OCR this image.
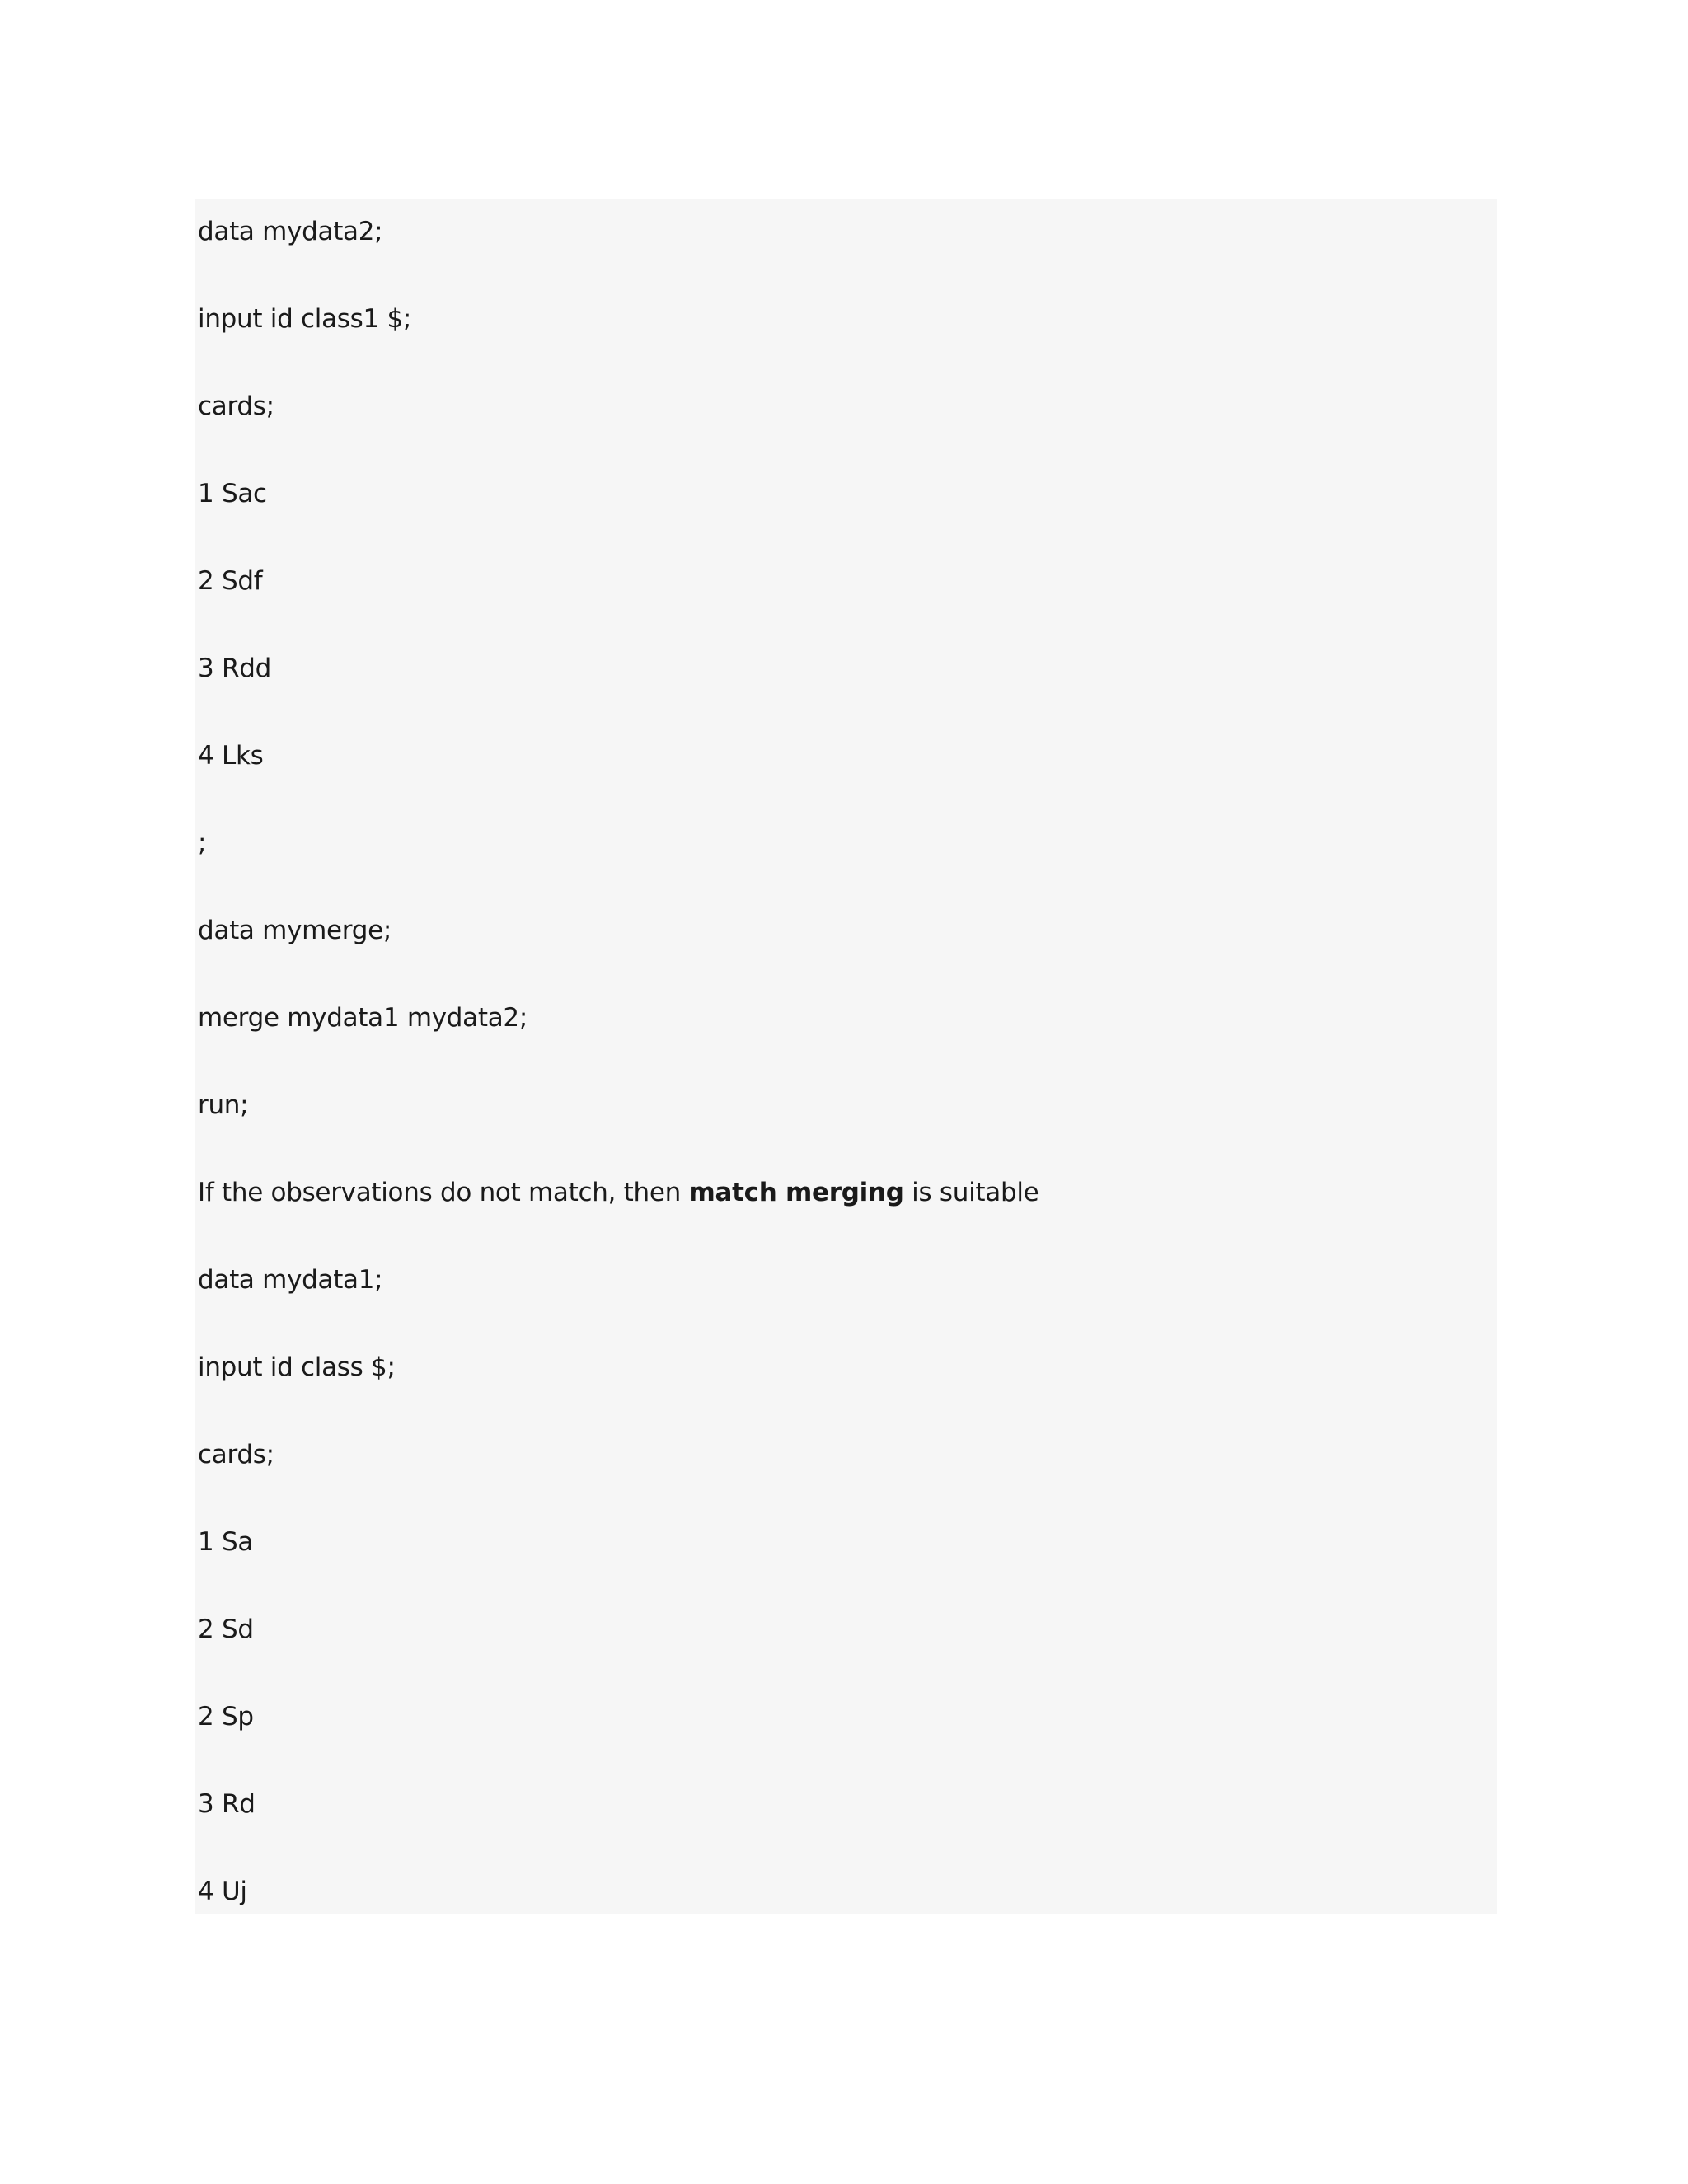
data mydata2;
input id class1 $;
cards;
1 Sac
2 Sdf
3 Rdd
4 Lks
;
data mymerge;
merge mydata1 mydata2;
run;
If the observations do not match, then match merging is suitable
data mydata1;
input id class $;
cards;
1 Sa
2 Sd
2 Sp
3 Rd
4 Uj
